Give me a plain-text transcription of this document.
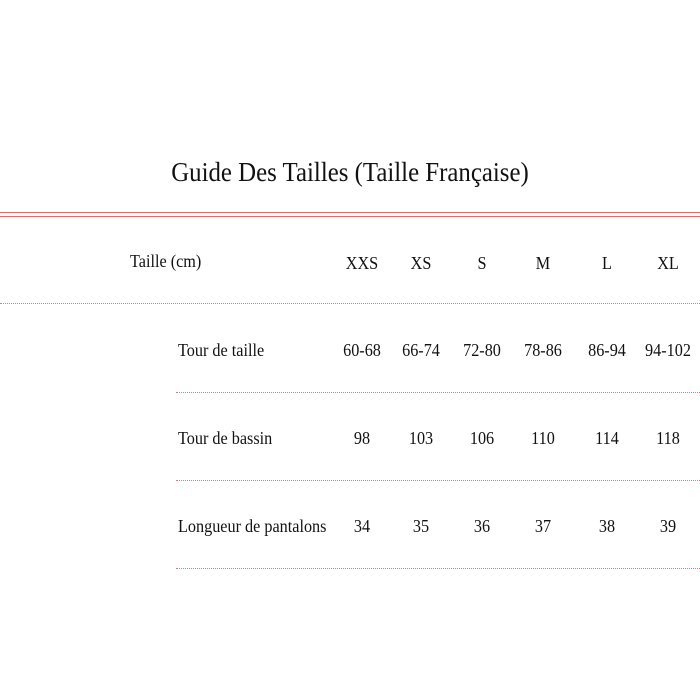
Guide Des Tailles (Taille Française)
Taille (cm)	XXS	XS	S	M	L	XL
Tour de taille	60-68	66-74	72-80	78-86	86-94	94-102
Tour de bassin	98	103	106	110	114	118
Longueur de pantalons	34	35	36	37	38	39
